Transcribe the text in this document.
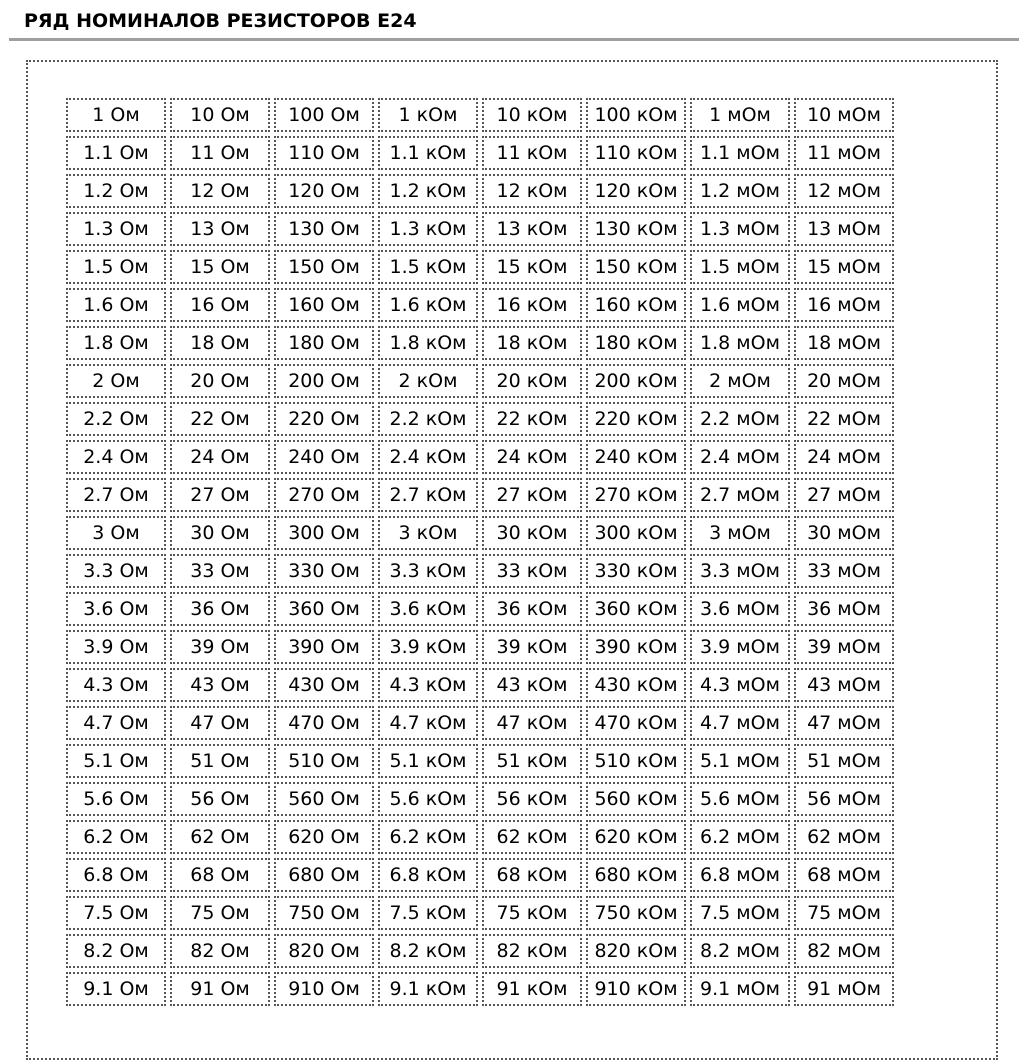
РЯД НОМИНАЛОВ РЕЗИСТОРОВ E24
1 Ом	10 Ом	100 Ом	1 кОм	10 кОм	100 кОм	1 мОм	10 мОм
1.1 Ом	11 Ом	110 Ом	1.1 кОм	11 кОм	110 кОм	1.1 мОм	11 мОм
1.2 Ом	12 Ом	120 Ом	1.2 кОм	12 кОм	120 кОм	1.2 мОм	12 мОм
1.3 Ом	13 Ом	130 Ом	1.3 кОм	13 кОм	130 кОм	1.3 мОм	13 мОм
1.5 Ом	15 Ом	150 Ом	1.5 кОм	15 кОм	150 кОм	1.5 мОм	15 мОм
1.6 Ом	16 Ом	160 Ом	1.6 кОм	16 кОм	160 кОм	1.6 мОм	16 мОм
1.8 Ом	18 Ом	180 Ом	1.8 кОм	18 кОм	180 кОм	1.8 мОм	18 мОм
2 Ом	20 Ом	200 Ом	2 кОм	20 кОм	200 кОм	2 мОм	20 мОм
2.2 Ом	22 Ом	220 Ом	2.2 кОм	22 кОм	220 кОм	2.2 мОм	22 мОм
2.4 Ом	24 Ом	240 Ом	2.4 кОм	24 кОм	240 кОм	2.4 мОм	24 мОм
2.7 Ом	27 Ом	270 Ом	2.7 кОм	27 кОм	270 кОм	2.7 мОм	27 мОм
3 Ом	30 Ом	300 Ом	3 кОм	30 кОм	300 кОм	3 мОм	30 мОм
3.3 Ом	33 Ом	330 Ом	3.3 кОм	33 кОм	330 кОм	3.3 мОм	33 мОм
3.6 Ом	36 Ом	360 Ом	3.6 кОм	36 кОм	360 кОм	3.6 мОм	36 мОм
3.9 Ом	39 Ом	390 Ом	3.9 кОм	39 кОм	390 кОм	3.9 мОм	39 мОм
4.3 Ом	43 Ом	430 Ом	4.3 кОм	43 кОм	430 кОм	4.3 мОм	43 мОм
4.7 Ом	47 Ом	470 Ом	4.7 кОм	47 кОм	470 кОм	4.7 мОм	47 мОм
5.1 Ом	51 Ом	510 Ом	5.1 кОм	51 кОм	510 кОм	5.1 мОм	51 мОм
5.6 Ом	56 Ом	560 Ом	5.6 кОм	56 кОм	560 кОм	5.6 мОм	56 мОм
6.2 Ом	62 Ом	620 Ом	6.2 кОм	62 кОм	620 кОм	6.2 мОм	62 мОм
6.8 Ом	68 Ом	680 Ом	6.8 кОм	68 кОм	680 кОм	6.8 мОм	68 мОм
7.5 Ом	75 Ом	750 Ом	7.5 кОм	75 кОм	750 кОм	7.5 мОм	75 мОм
8.2 Ом	82 Ом	820 Ом	8.2 кОм	82 кОм	820 кОм	8.2 мОм	82 мОм
9.1 Ом	91 Ом	910 Ом	9.1 кОм	91 кОм	910 кОм	9.1 мОм	91 мОм
